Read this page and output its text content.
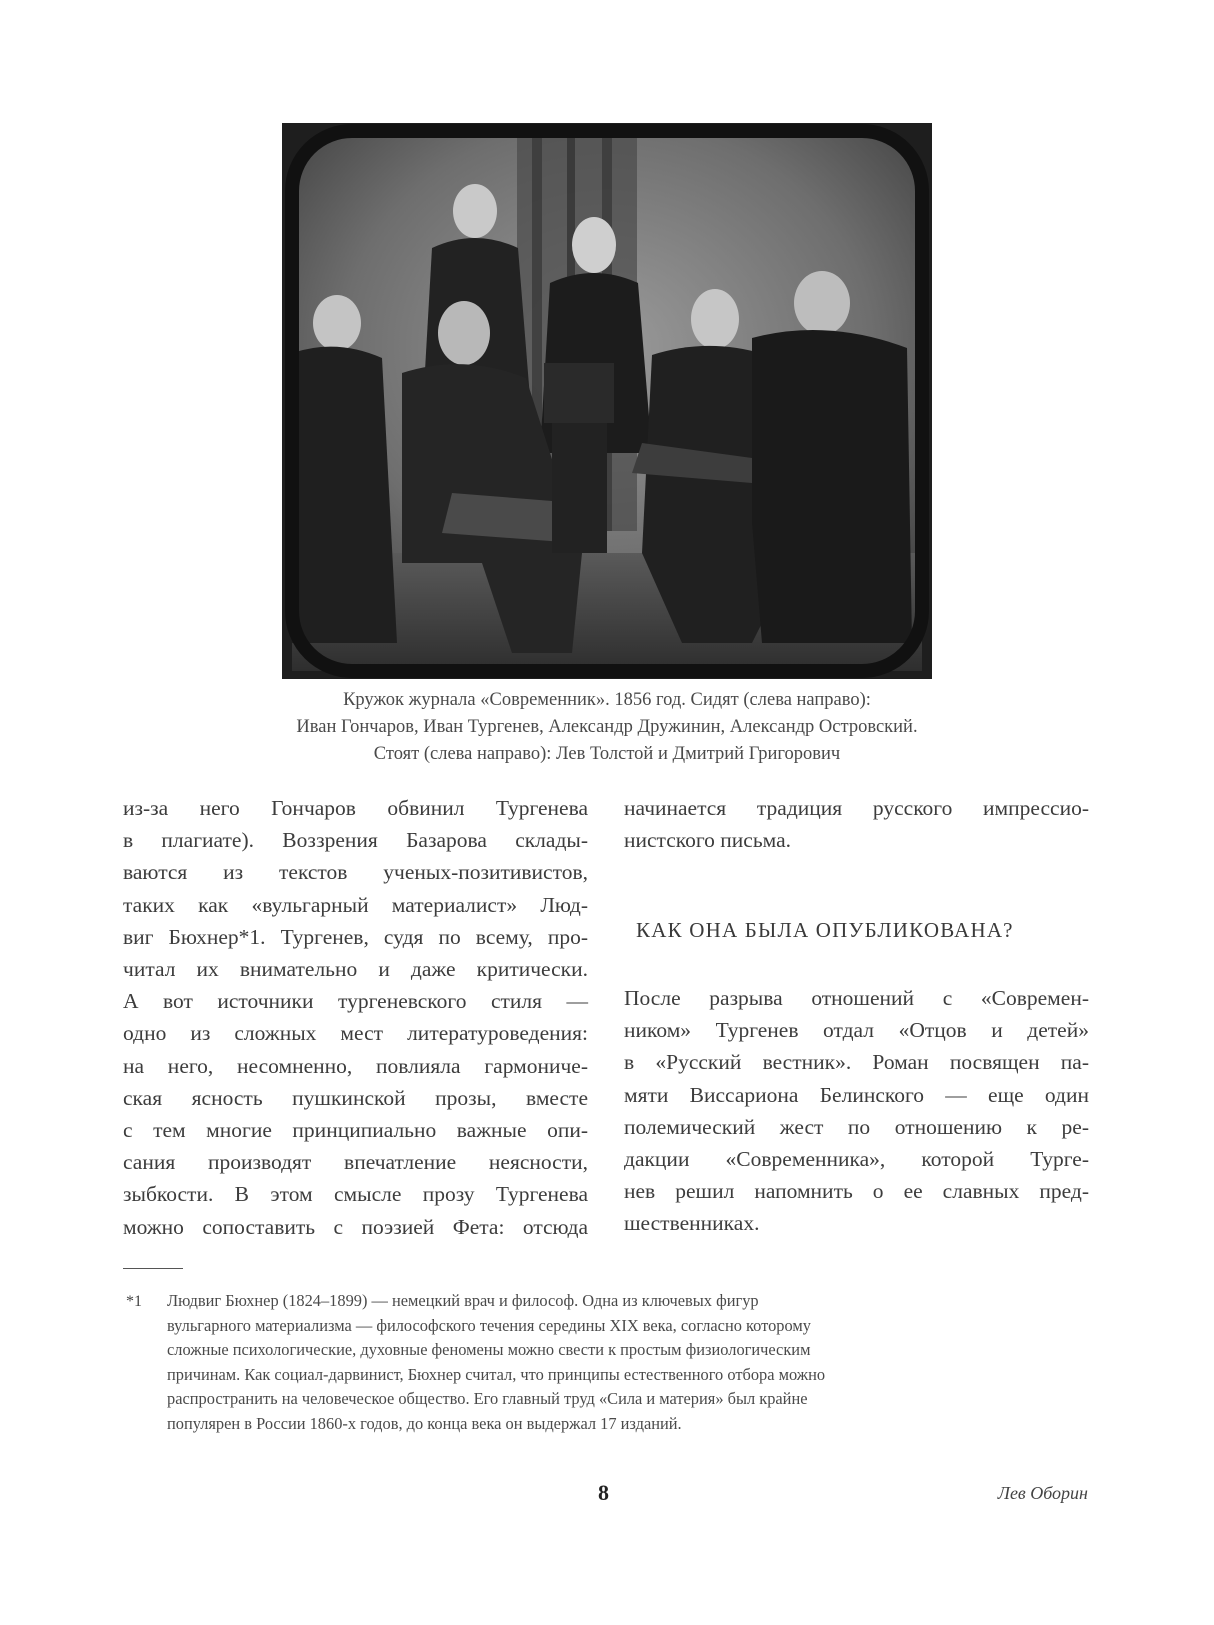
Кружок журнала «Современник». 1856 год. Сидят (слева направо):
Иван Гончаров, Иван Тургенев, Александр Дружинин, Александр Островский.
Стоят (слева направо): Лев Толстой и Дмитрий Григорович
из-за него Гончаров обвинил Тургенева
в плагиате). Воззрения Базарова склады-
ваются из текстов ученых-позитивистов,
таких как «вульгарный материалист» Люд-
виг Бюхнер*1. Тургенев, судя по всему, про-
читал их внимательно и даже критически.
А вот источники тургеневского стиля —
одно из сложных мест литературоведения:
на него, несомненно, повлияла гармониче-
ская ясность пушкинской прозы, вместе
с тем многие принципиально важные опи-
сания производят впечатление неясности,
зыбкости. В этом смысле прозу Тургенева
можно сопоставить с поэзией Фета: отсюда
начинается традиция русского импрессио-
нистского письма.
КАК ОНА БЫЛА ОПУБЛИКОВАНА?
После разрыва отношений с «Современ-
ником» Тургенев отдал «Отцов и детей»
в «Русский вестник». Роман посвящен па-
мяти Виссариона Белинского — еще один
полемический жест по отношению к ре-
дакции «Современника», которой Турге-
нев решил напомнить о ее славных пред-
шественниках.
*1 Людвиг Бюхнер (1824–1899) — немецкий врач и философ. Одна из ключевых фигур
вульгарного материализма — философского течения середины XIX века, согласно которому
сложные психологические, духовные феномены можно свести к простым физиологическим
причинам. Как социал-дарвинист, Бюхнер считал, что принципы естественного отбора можно
распространить на человеческое общество. Его главный труд «Сила и материя» был крайне
популярен в России 1860-х годов, до конца века он выдержал 17 изданий.
8	Лев Оборин
